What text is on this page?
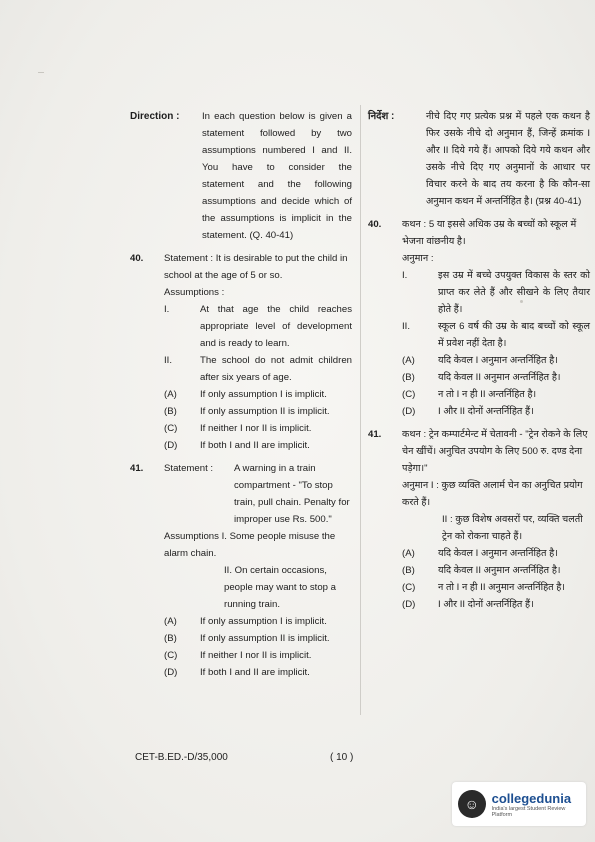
Direction :	In each question below is given a statement followed by two assumptions numbered I and II. You have to consider the statement and the following assumptions and decide which of the assumptions is implicit in the statement. (Q. 40-41)
40.	Statement : It is desirable to put the child in school at the age of 5 or so.
Assumptions :
I.	At that age the child reaches appropriate level of development and is ready to learn.
II.	The school do not admit children after six years of age.
(A)	If only assumption I is implicit.
(B)	If only assumption II is implicit.
(C)	If neither I nor II is implicit.
(D)	If both I and II are implicit.
41.	Statement :	A warning in a train compartment - "To stop train, pull chain. Penalty for improper use Rs. 500."
Assumptions I. Some people misuse the alarm chain.
II. On certain occasions, people may want to stop a running train.
(A)	If only assumption I is implicit.
(B)	If only assumption II is implicit.
(C)	If neither I nor II is implicit.
(D)	If both I and II are implicit.
निर्देश :	नीचे दिए गए प्रत्येक प्रश्न में पहले एक कथन है फिर उसके नीचे दो अनुमान हैं, जिन्हें क्रमांक I और II दिये गये हैं। आपको दिये गये कथन और उसके नीचे दिए गए अनुमानों के आधार पर विचार करने के बाद तय करना है कि कौन-सा अनुमान कथन में अन्तर्निहित है। (प्रश्न 40-41)
40.	कथन : 5 या इससे अधिक उम्र के बच्चों को स्कूल में भेजना वांछनीय है।
अनुमान :
I.	इस उम्र में बच्चे उपयुक्त विकास के स्तर को प्राप्त कर लेते हैं और सीखने के लिए तैयार होते हैं।
II.	स्कूल 6 वर्ष की उम्र के बाद बच्चों को स्कूल में प्रवेश नहीं देता है।
(A)	यदि केवल I अनुमान अन्तर्निहित है।
(B)	यदि केवल II अनुमान अन्तर्निहित है।
(C)	न तो I न ही II अन्तर्निहित है।
(D)	I और II दोनों अन्तर्निहित हैं।
41.	कथन : ट्रेन कम्पार्टमेन्ट में चेतावनी - "ट्रेन रोकने के लिए चेन खींचें। अनुचित उपयोग के लिए 500 रु. दण्ड देना पड़ेगा।"
अनुमान I : कुछ व्यक्ति अलार्म चेन का अनुचित प्रयोग करते हैं।
II : कुछ विशेष अवसरों पर, व्यक्ति चलती ट्रेन को रोकना चाहते हैं।
(A)	यदि केवल I अनुमान अन्तर्निहित है।
(B)	यदि केवल II अनुमान अन्तर्निहित है।
(C)	न तो I न ही II अनुमान अन्तर्निहित है।
(D)	I और II दोनों अन्तर्निहित हैं।
CET-B.ED.-D/35,000	( 10 )
☺ collegedunia
India's largest Student Review Platform
